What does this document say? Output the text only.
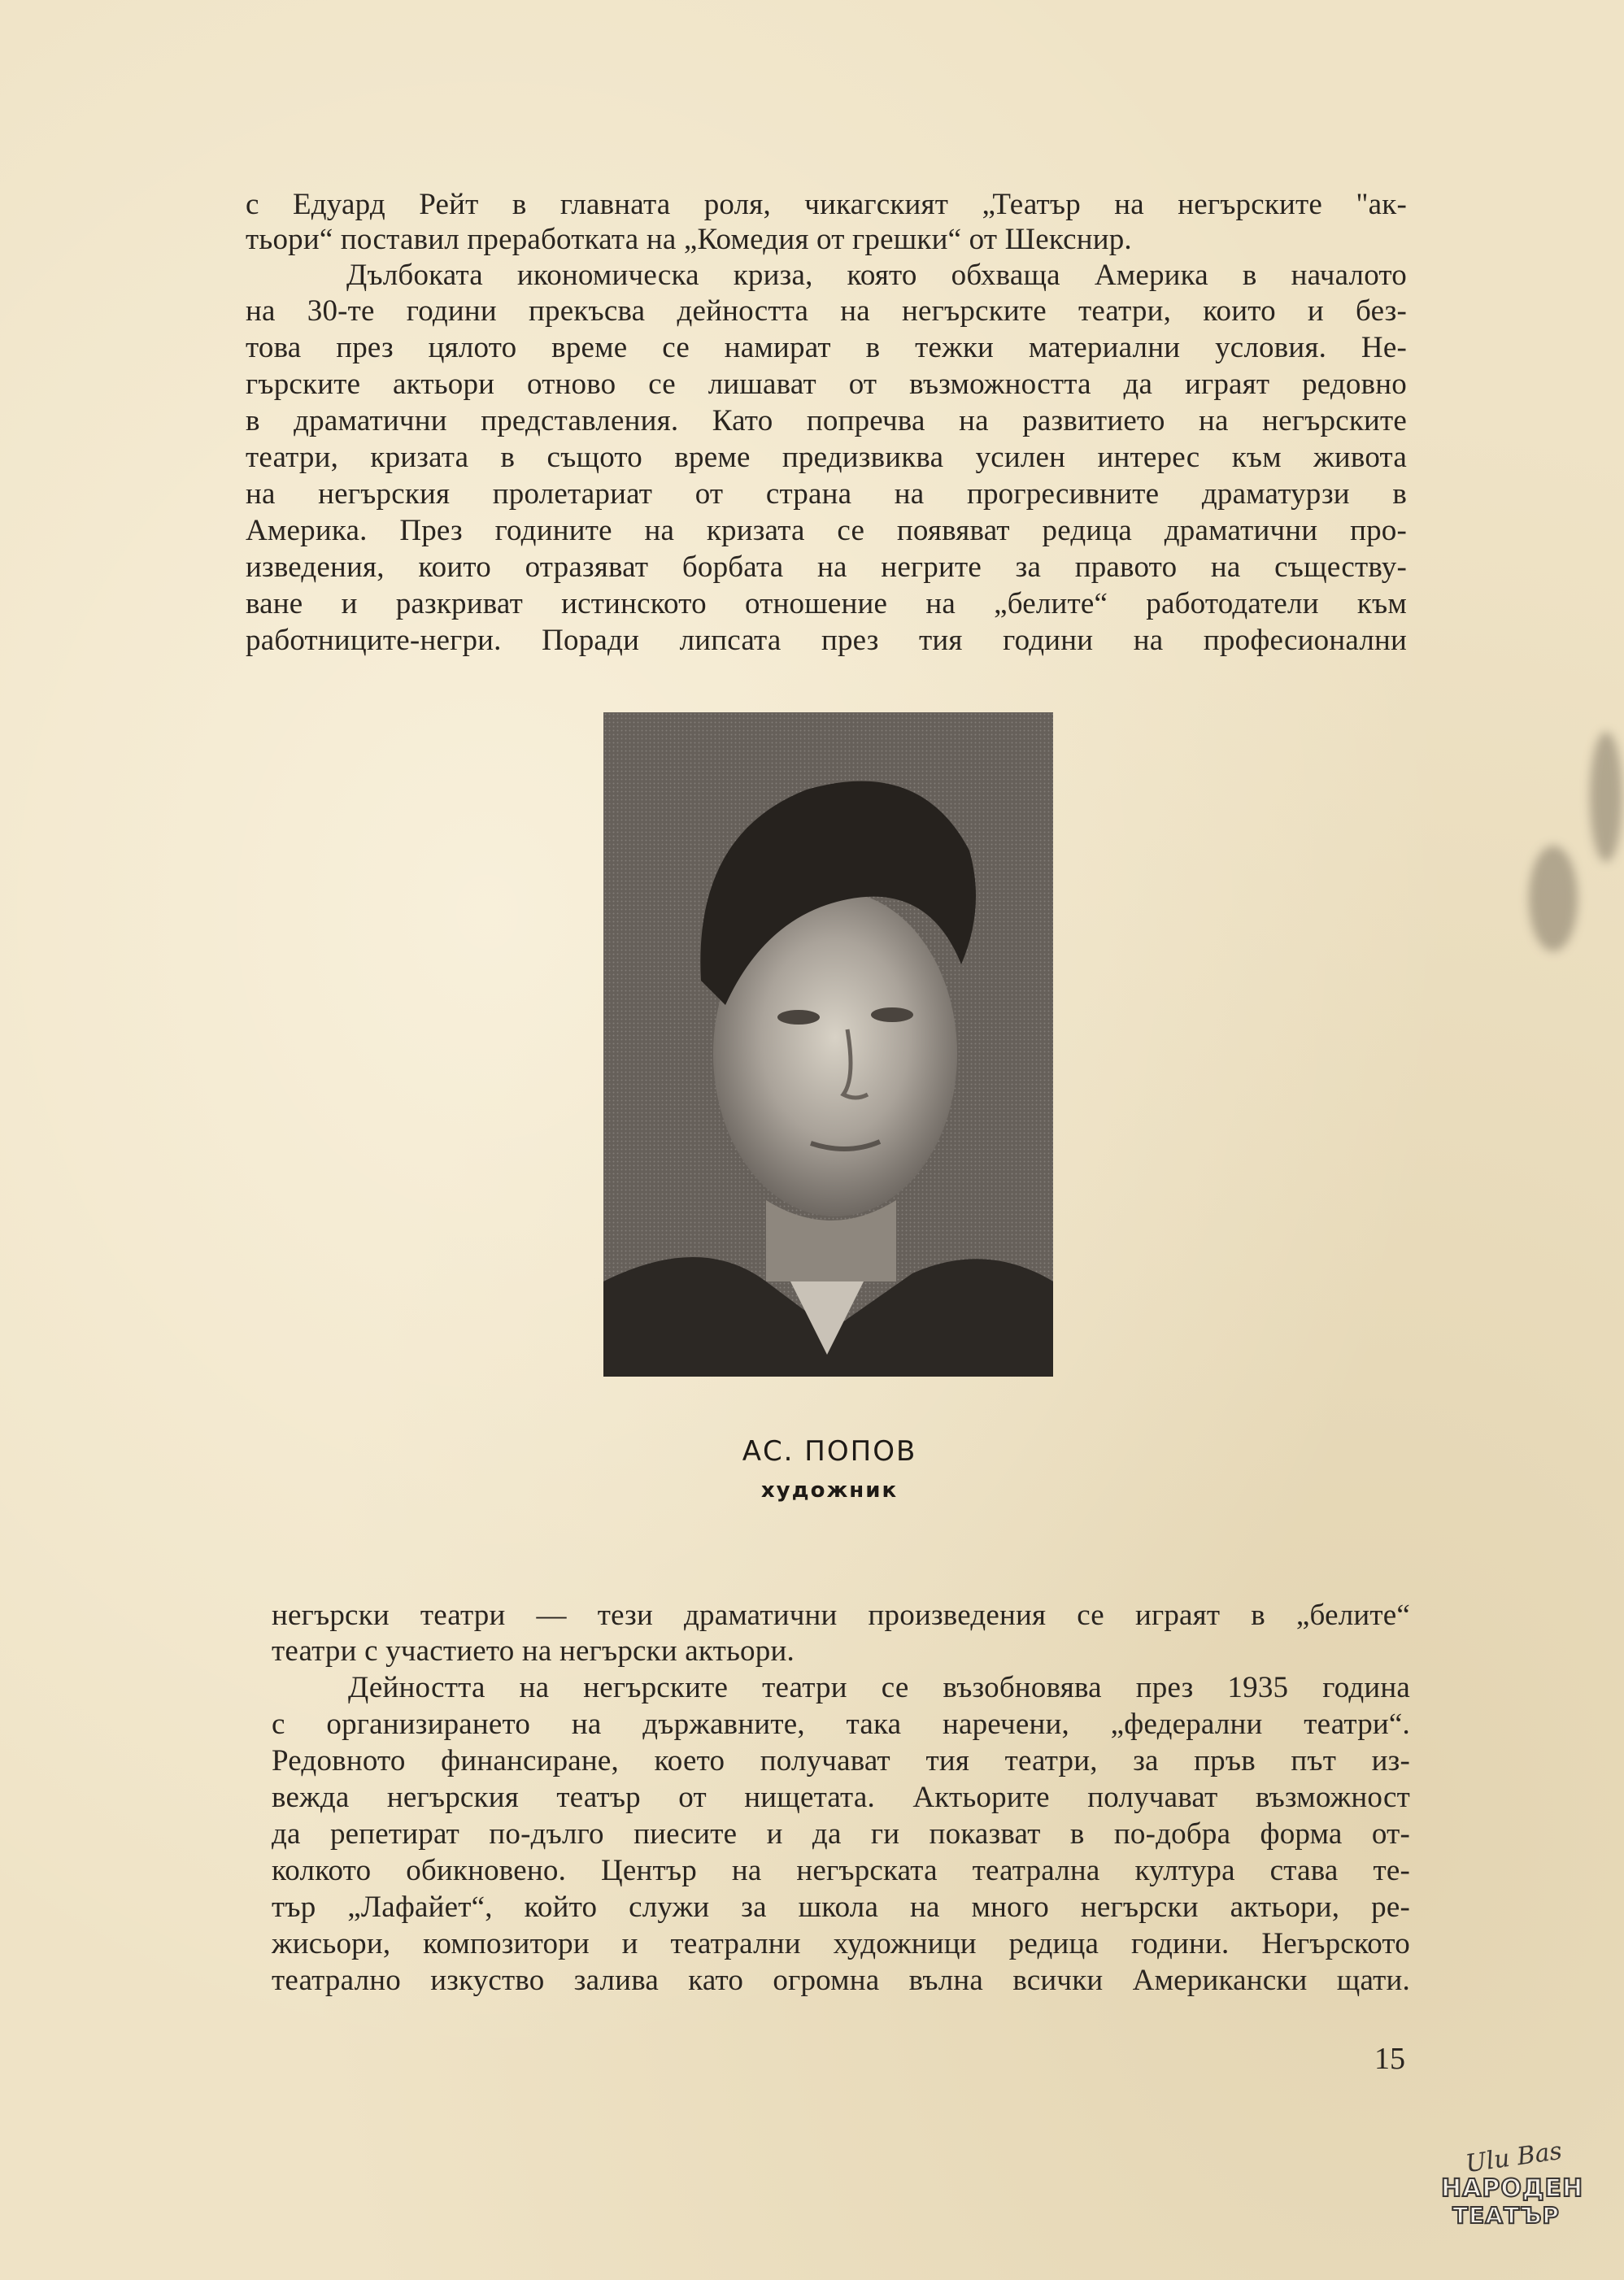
с Едуард Рейт в главната роля, чикагският „Театър на негърските "ак-
тьори“ поставил преработката на „Комедия от грешки“ от Шекснир.
Дълбоката икономическа криза, която обхваща Америка в началото
на 30-те години прекъсва дейността на негърските театри, които и без-
това през цялото време се намират в тежки материални условия. Не-
гърските актьори отново се лишават от възможността да играят редовно
в драматични представления. Като попречва на развитието на негърските
театри, кризата в същото време предизвиква усилен интерес към живота
на негърския пролетариат от страна на прогресивните драматурзи в
Америка. През годините на кризата се появяват редица драматични про-
изведения, които отразяват борбата на негрите за правото на съществу-
ване и разкриват истинското отношение на „белите“ работодатели към
работниците-негри. Поради липсата през тия години на професионални
АС. ПОПОВ
художник
негърски театри — тези драматични произведения се играят в „белите“
театри с участието на негърски актьори.
Дейността на негърските театри се възобновява през 1935 година
с организирането на държавните, така наречени, „федерални театри“.
Редовното финансиране, което получават тия театри, за пръв път из-
вежда негърския театър от нищетата. Актьорите получават възможност
да репетират по-дълго пиесите и да ги показват в по-добра форма от-
колкото обикновено. Център на негърската театрална култура става те-
тър „Лафайет“, който служи за школа на много негърски актьори, ре-
жисьори, композитори и театрални художници редица години. Негърското
театрално изкуство залива като огромна вълна всички Американски щати.
15
Ulu Bas
НАРОДЕН
ТЕАТЪР
